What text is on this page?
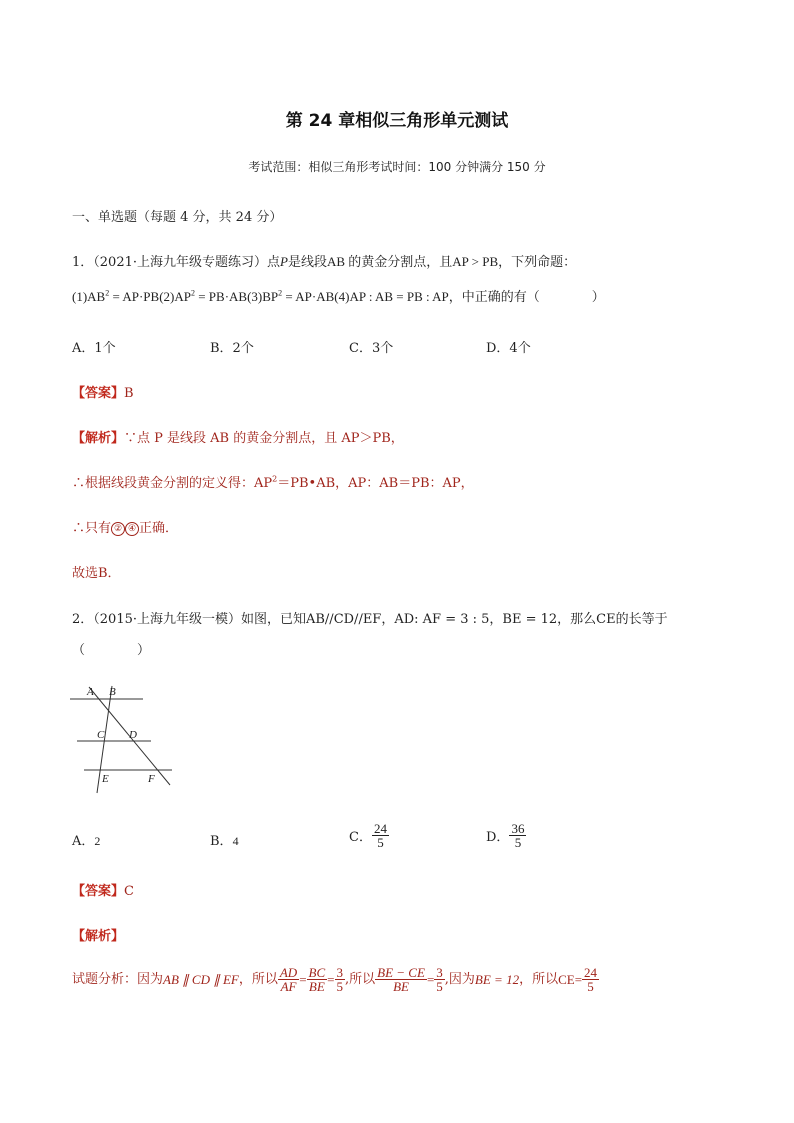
第 24 章相似三角形单元测试
考试范围：相似三角形考试时间：100 分钟满分 150 分
一、单选题（每题 4 分，共 24 分）
1．（2021·上海九年级专题练习）点P是线段AB 的黄金分割点，且AP > PB，下列命题：
$(1)AB^2 = AP\cdot PB(2)AP^2 = PB\cdot AB(3)BP^2 = AP\cdot AB(4)AP$ : AB = PB : AP，中正确的有（　　　　）
A．1个	B．2个	C．3个	D．4个
【答案】B
【解析】∵点 P 是线段 AB 的黄金分割点，且 AP＞PB，
∴根据线段黄金分割的定义得：$AP^2=PB•AB$，AP：AB＝PB：AP，
∴只有 ② ④ 正确．
故选B．
2．（2015·上海九年级一模）如图，已知AB//CD//EF，AD: AF = 3 : 5，BE = 12，那么CE的长等于
（　　　　）
A B
C D
E	F
A．2	B．4	C． $\frac{24}{5}$	D． $\frac{36}{5}$
【答案】C
【解析】
试题分析：因为AB ∥ CD ∥ EF，所以 $\frac{AD}{AF} = \frac{BC}{BE} = \frac{3}{5}$ ,所以 $\frac{BE - CE}{BE} = \frac{3}{5}$ ,因为BE = 12，所以$CE= \frac{24}{5}$
